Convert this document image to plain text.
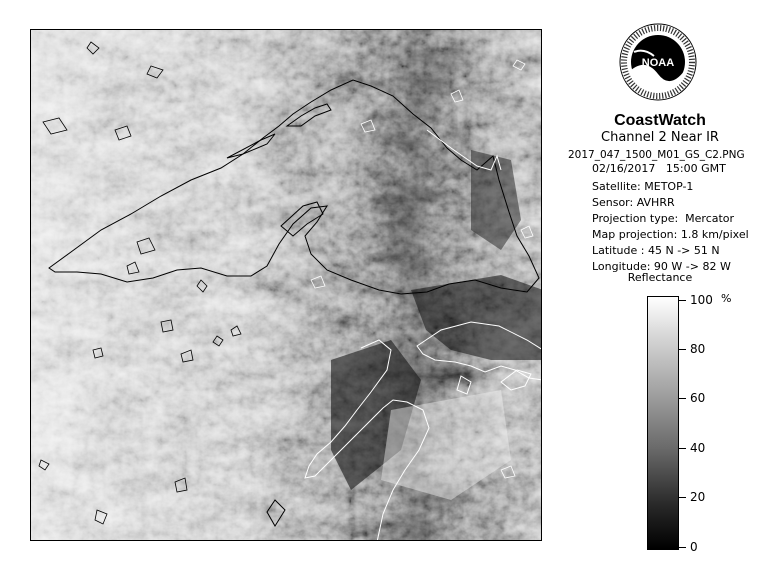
NOAA
CoastWatch
Channel 2 Near IR
2017_047_1500_M01_GS_C2.PNG
02/16/2017   15:00 GMT
Satellite: METOP-1
Sensor: AVHRR
Projection type:  Mercator
Map projection: 1.8 km/pixel
Latitude : 45 N -> 51 N
Longitude: 90 W -> 82 W
Reflectance
%
100
80
60
40
20
0
